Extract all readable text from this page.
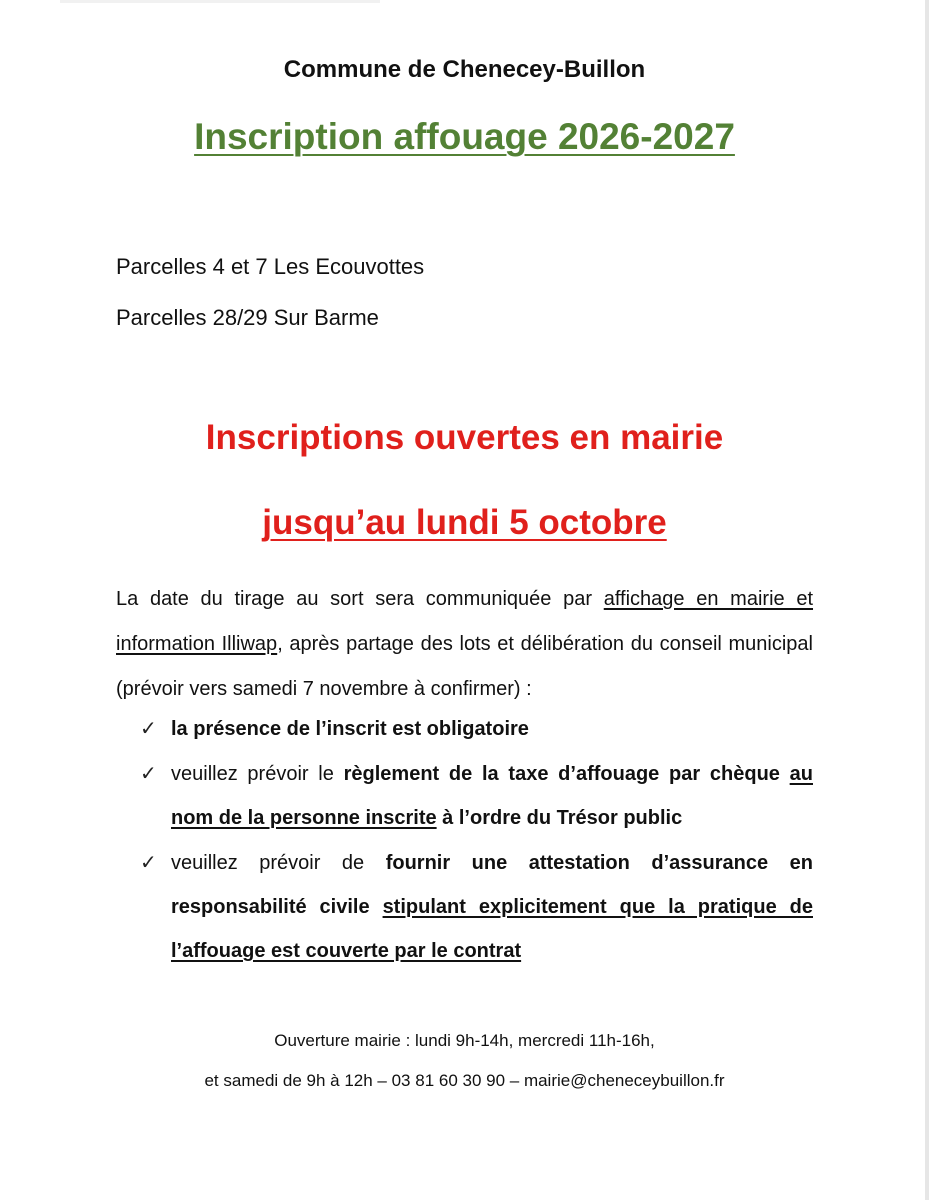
Commune de Chenecey-Buillon
Inscription affouage 2026-2027
Parcelles 4 et 7 Les Ecouvottes
Parcelles 28/29 Sur Barme
Inscriptions ouvertes en mairie
jusqu’au lundi 5 octobre
La date du tirage au sort sera communiquée par affichage en mairie et information Illiwap, après partage des lots et délibération du conseil municipal (prévoir vers samedi 7 novembre à confirmer) :
✓ la présence de l’inscrit est obligatoire
✓ veuillez prévoir le règlement de la taxe d’affouage par chèque au nom de la personne inscrite à l’ordre du Trésor public
✓ veuillez prévoir de fournir une attestation d’assurance en responsabilité civile stipulant explicitement que la pratique de l’affouage est couverte par le contrat
Ouverture mairie : lundi 9h-14h, mercredi 11h-16h,
et samedi de 9h à 12h – 03 81 60 30 90 – mairie@cheneceybuillon.fr
